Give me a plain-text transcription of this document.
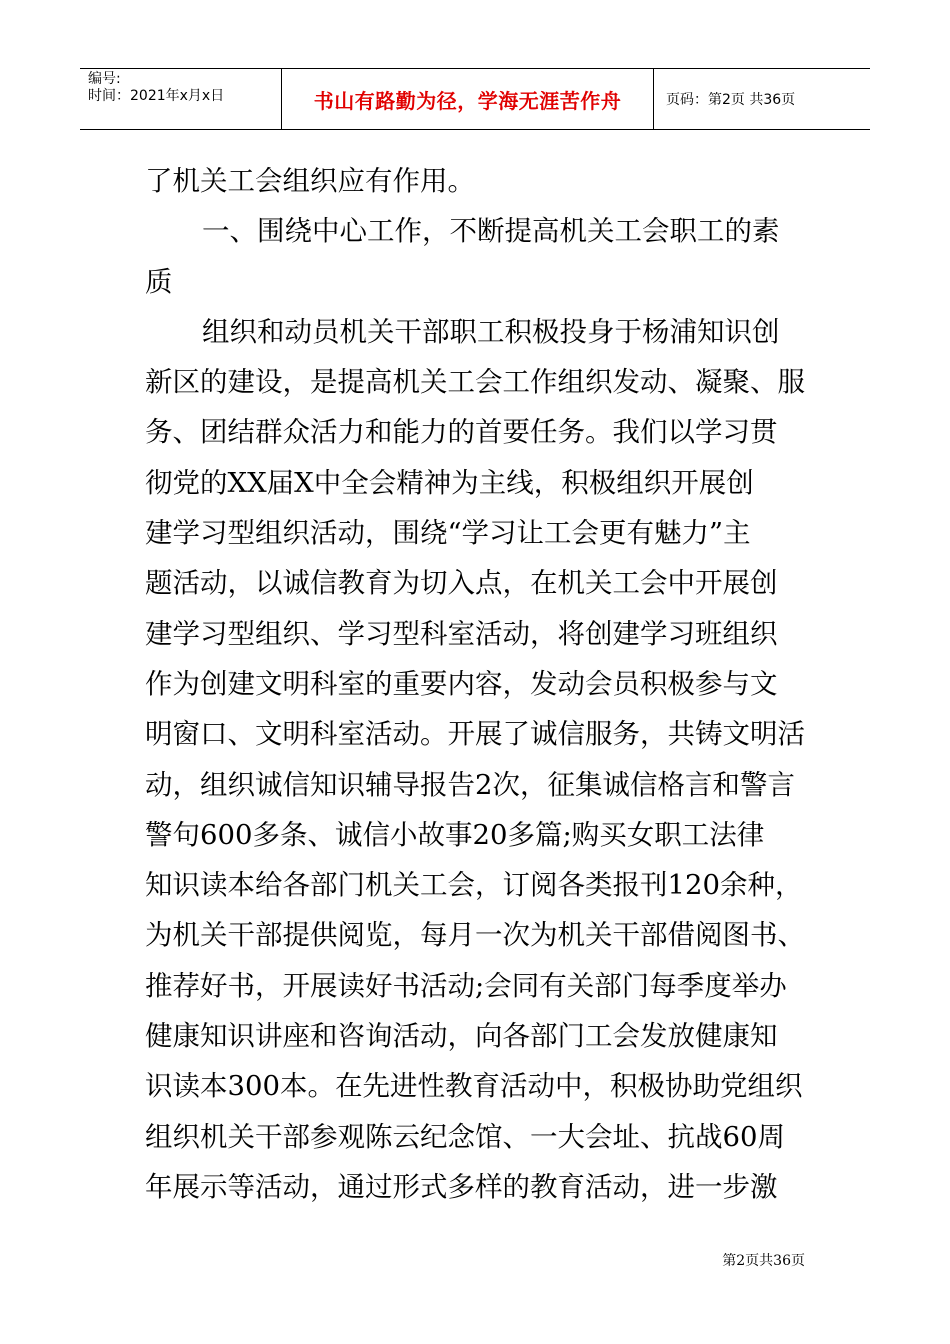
编号:
时间：2021年x月x日	书山有路勤为径，学海无涯苦作舟	页码：第2页 共36页
了机关工会组织应有作用。
一、围绕中心工作，不断提高机关工会职工的素
质
组织和动员机关干部职工积极投身于杨浦知识创
新区的建设，是提高机关工会工作组织发动、凝聚、服
务、团结群众活力和能力的首要任务。我们以学习贯
彻党的XX届X中全会精神为主线，积极组织开展创
建学习型组织活动，围绕“学习让工会更有魅力”主
题活动，以诚信教育为切入点，在机关工会中开展创
建学习型组织、学习型科室活动，将创建学习班组织
作为创建文明科室的重要内容，发动会员积极参与文
明窗口、文明科室活动。开展了诚信服务，共铸文明活
动，组织诚信知识辅导报告2次，征集诚信格言和警言
警句600多条、诚信小故事20多篇;购买女职工法律
知识读本给各部门机关工会，订阅各类报刊120余种，
为机关干部提供阅览，每月一次为机关干部借阅图书、
推荐好书，开展读好书活动;会同有关部门每季度举办
健康知识讲座和咨询活动，向各部门工会发放健康知
识读本300本。在先进性教育活动中，积极协助党组织
组织机关干部参观陈云纪念馆、一大会址、抗战60周
年展示等活动，通过形式多样的教育活动，进一步激
第2页共36页
